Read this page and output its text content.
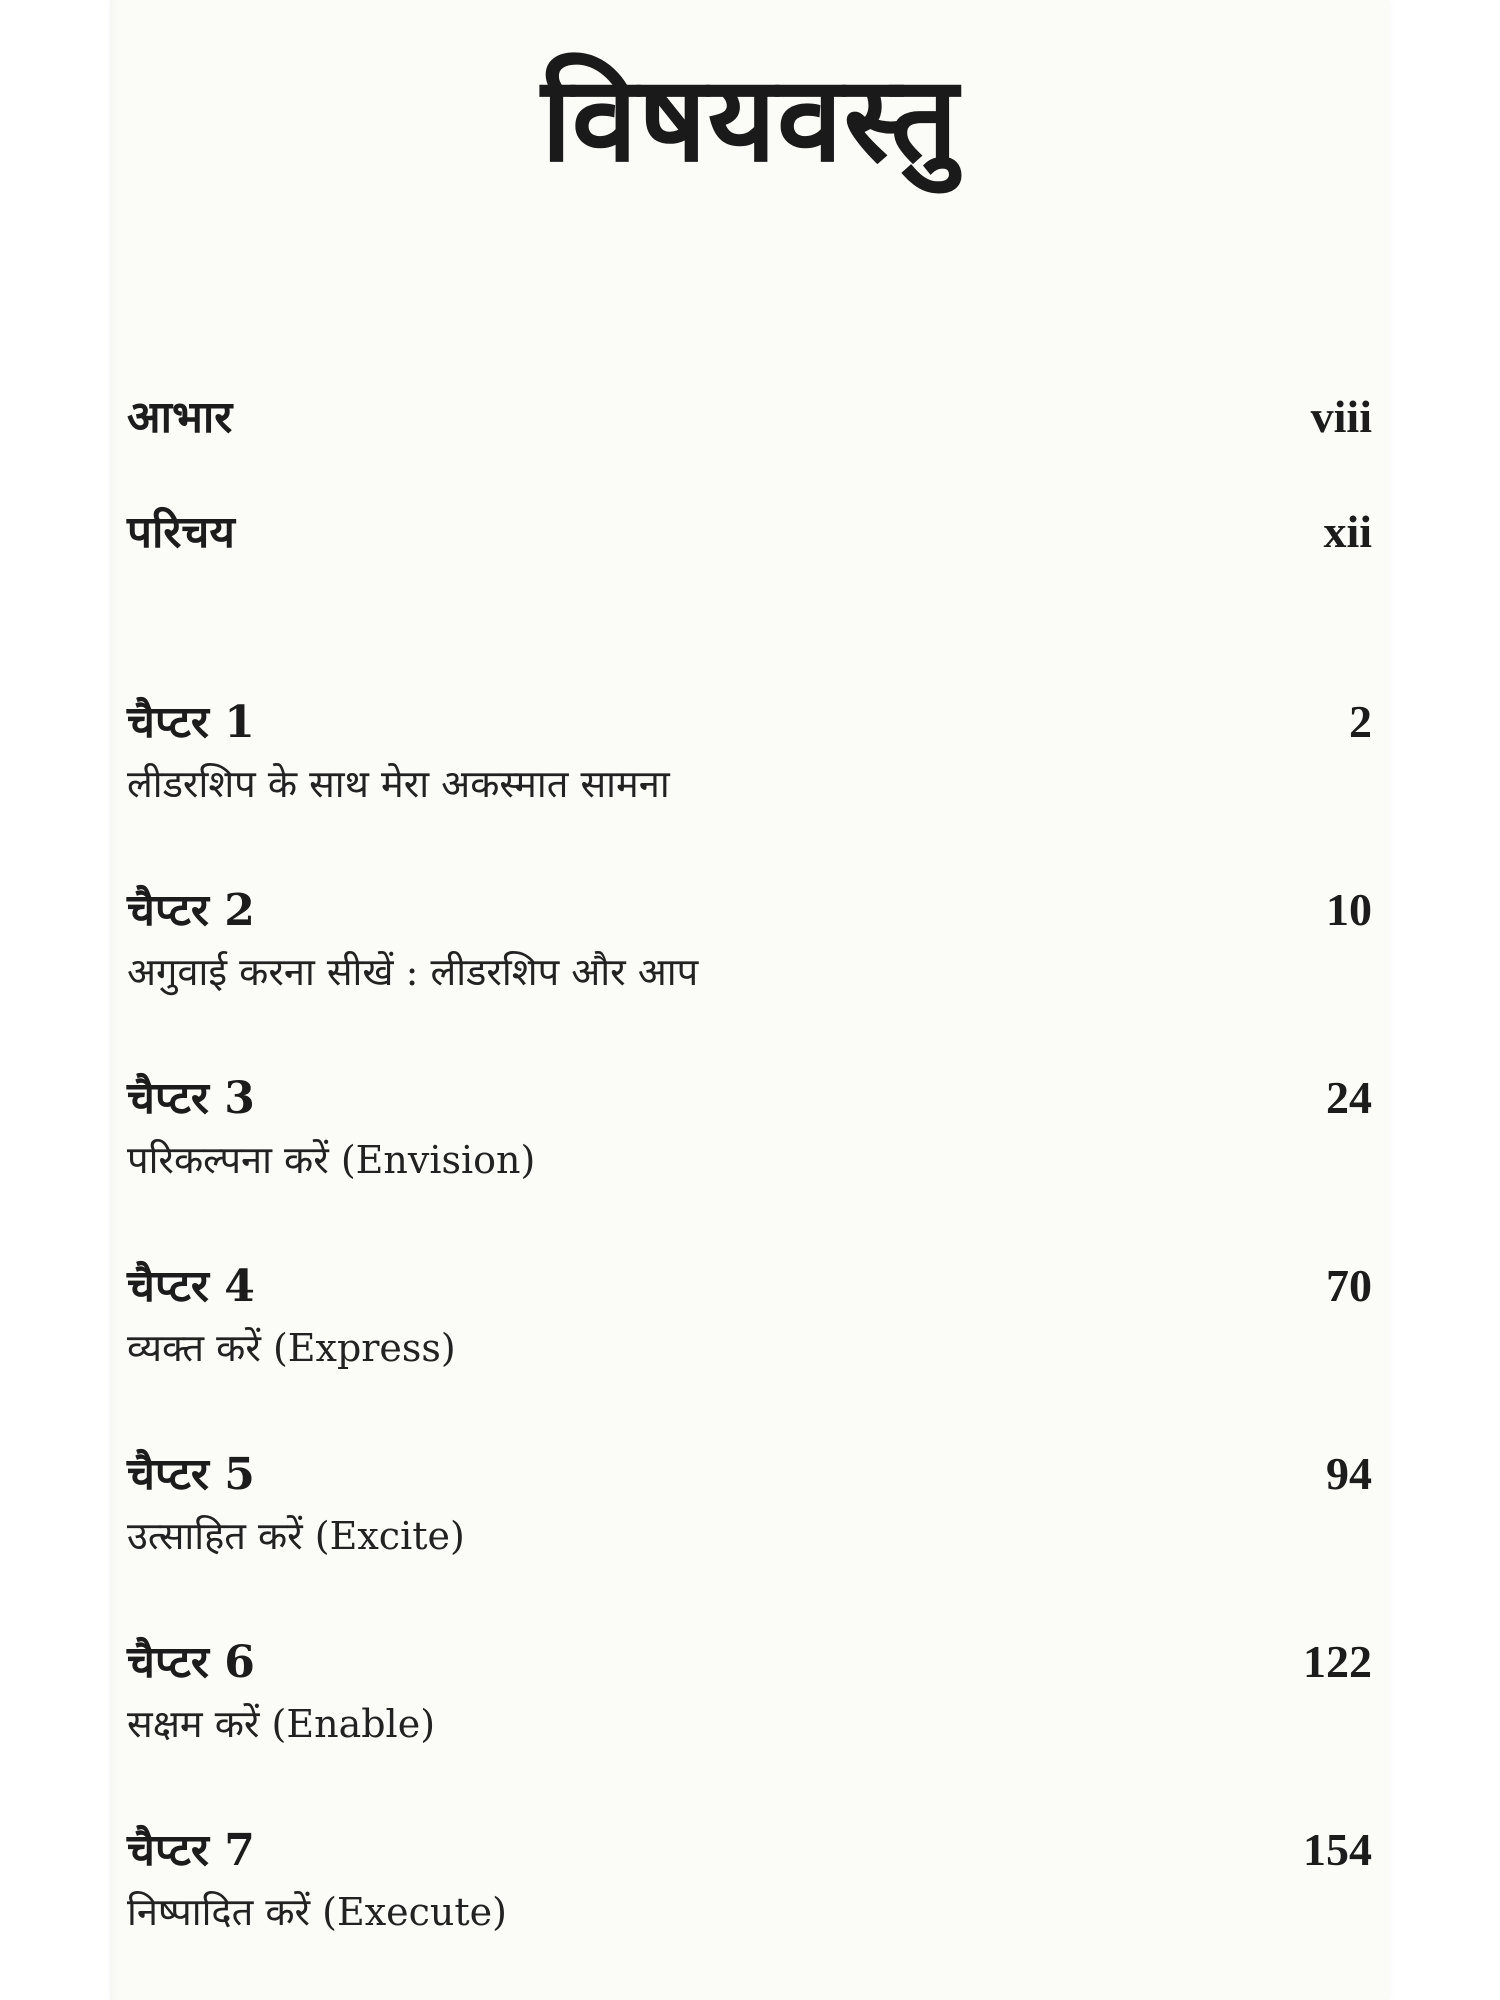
विषयवस्तु
आभार	viii
परिचय	xii
चैप्टर 1	2
लीडरशिप के साथ मेरा अकस्मात सामना
चैप्टर 2	10
अगुवाई करना सीखें : लीडरशिप और आप
चैप्टर 3	24
परिकल्पना करें (Envision)
चैप्टर 4	70
व्यक्त करें (Express)
चैप्टर 5	94
उत्साहित करें (Excite)
चैप्टर 6	122
सक्षम करें (Enable)
चैप्टर 7	154
निष्पादित करें (Execute)
